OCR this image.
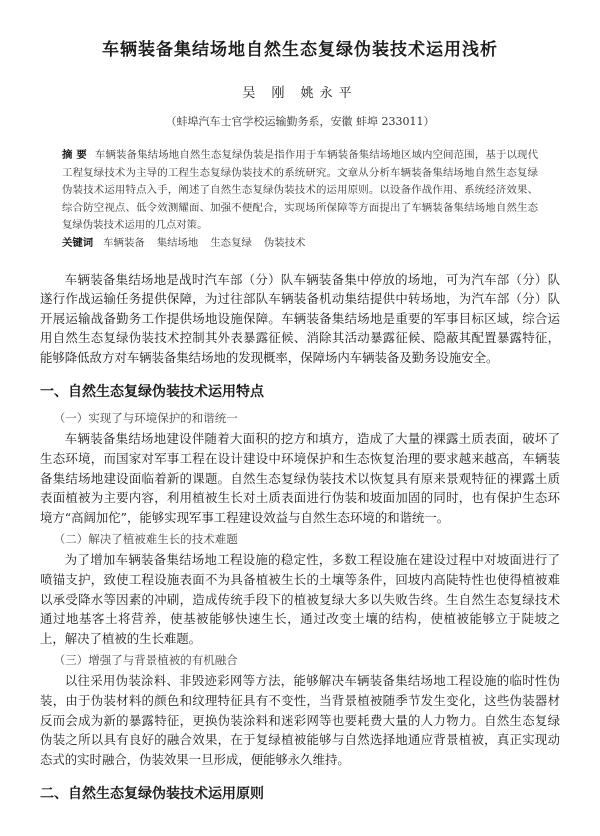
车辆装备集结场地自然生态复绿伪装技术运用浅析
吴 刚 姚永平
（蚌埠汽车士官学校运输勤务系，安徽 蚌埠 233011）
摘 要 车辆装备集结场地自然生态复绿伪装是指作用于车辆装备集结场地区域内空间范围，基于以现代工程复绿技术为主导的工程生态复绿伪装技术的系统研究。文章从分析车辆装备集结场地自然生态复绿伪装技术运用特点入手，阐述了自然生态复绿伪装技术的运用原则。以设备作战作用、系统经济效果、综合防空视点、低令效测耀面、加强不便配合，实现场所保障等方面提出了车辆装备集结场地自然生态复绿伪装技术运用的几点对策。
关键词 车辆装备 集结场地 生态复绿 伪装技术

车辆装备集结场地是战时汽车部（分）队车辆装备集中停放的场地，可为汽车部（分）队遂行作战运输任务提供保障，为过往部队车辆装备机动集结提供中转场地，为汽车部（分）队开展运输战备勤务工作提供场地设施保障。车辆装备集结场地是重要的军事目标区域，综合运用自然生态复绿伪装技术控制其外表暴露征候、消除其活动暴露征候、隐蔽其配置暴露特征，能够降低敌方对车辆装备集结场地的发现概率，保障场内车辆装备及勤务设施安全。

一、自然生态复绿伪装技术运用特点
（一）实现了与环境保护的和谐统一

车辆装备集结场地建设伴随着大面积的挖方和填方，造成了大量的裸露土质表面，破坏了生态环境，而国家对军事工程在设计建设中环境保护和生态恢复治理的要求越来越高，车辆装备集结场地建设面临着新的课题。自然生态复绿伪装技术以恢复具有原来景观特征的裸露土质表面植被为主要内容，利用植被生长对土质表面进行伪装和坡面加固的同时，也有保护生态环境方“高阔加佗”，能够实现军事工程建设效益与自然生态环境的和谐统一。

（二）解决了植被难生长的技术难题

为了增加车辆装备集结场地工程设施的稳定性，多数工程设施在建设过程中对坡面进行了喷锚支护，致使工程设施表面不为具备植被生长的土壤等条件，回坡内高陡特性也使得植被难以承受降水等因素的冲刷，造成传统手段下的植被复绿大多以失败告终。生自然生态复绿技术通过地基客土将营养，使基被能够快速生长，通过改变土壤的结构，使植被能够立于陡坡之上，解决了植被的生长难题。

（三）增强了与背景植被的有机融合

以往采用伪装涂料、非毁迹彩网等方法，能够解决车辆装备集结场地工程设施的临时性伪装，由于伪装材料的颜色和纹理特征具有不变性，当背景植被随季节发生变化，这些伪装器材反而会成为新的暴露特征，更换伪装涂料和迷彩网等也要耗费大量的人力物力。自然生态复绿伪装之所以具有良好的融合效果，在于复绿植被能够与自然选择地通应背景植被，真正实现动态式的实时融合，伪装效果一旦形成，便能够永久维持。

二、自然生态复绿伪装技术运用原则
